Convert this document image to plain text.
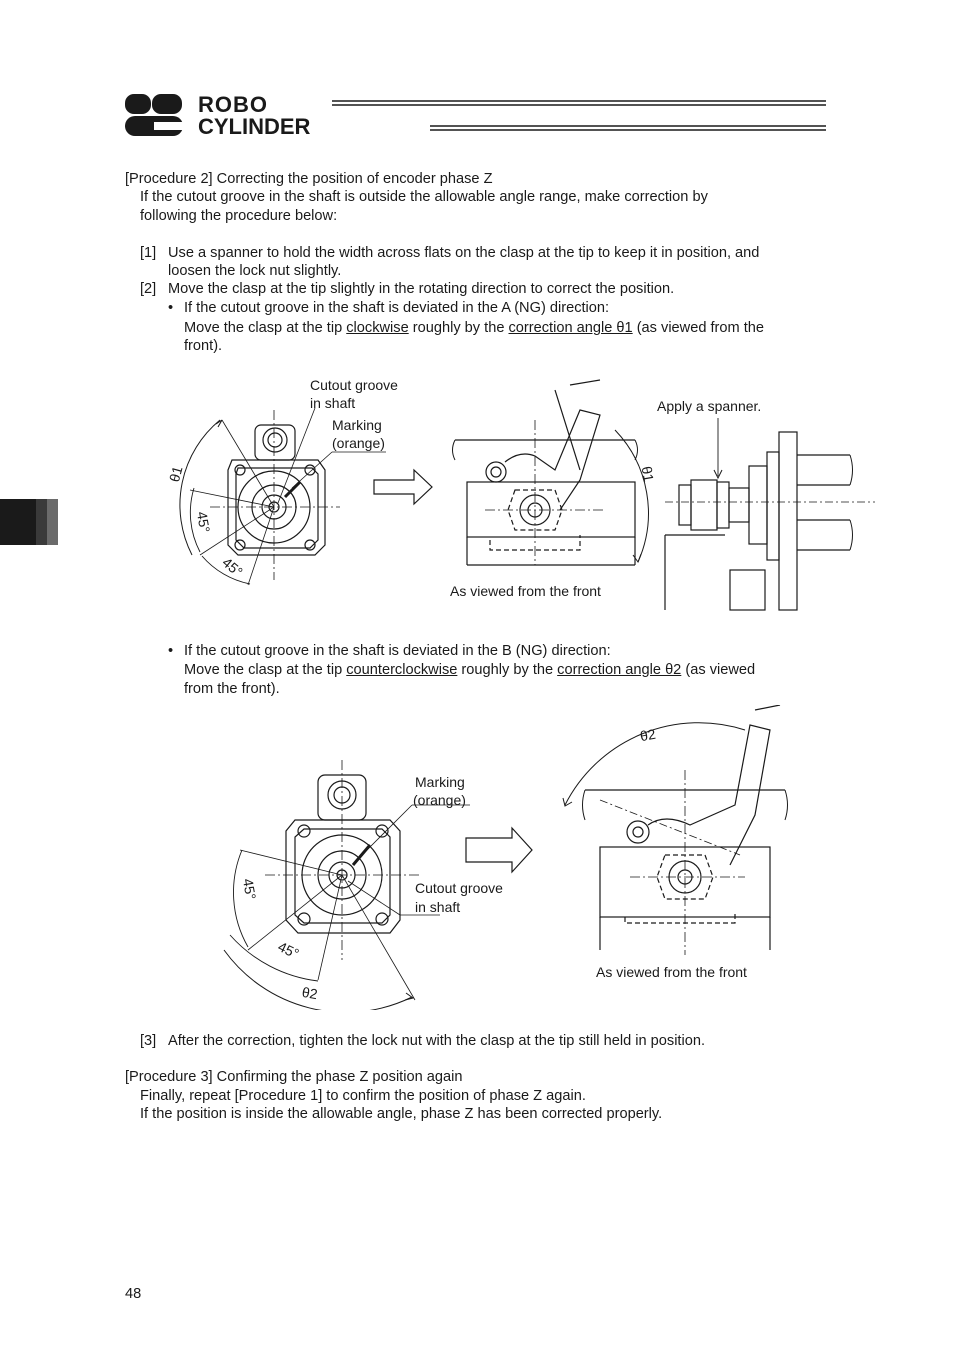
ROBO
CYLINDER
[Procedure 2] Correcting the position of encoder phase Z
If the cutout groove in the shaft is outside the allowable angle range, make correction by
following the procedure below:
[1] Use a spanner to hold the width across flats on the clasp at the tip to keep it in position, and
loosen the lock nut slightly.
[2] Move the clasp at the tip slightly in the rotating direction to correct the position.
• If the cutout groove in the shaft is deviated in the A (NG) direction:
Move the clasp at the tip clockwise roughly by the correction angle θ1 (as viewed from the
front).
θ1
45°
45°
θ1
Cutout groove
in shaft
Marking
(orange)
Apply a spanner.
As viewed from the front
• If the cutout groove in the shaft is deviated in the B (NG) direction:
Move the clasp at the tip counterclockwise roughly by the correction angle θ2 (as viewed
from the front).
45°
45°
θ2
θ2
Marking
(orange)
Cutout groove
in shaft
As viewed from the front
[3] After the correction, tighten the lock nut with the clasp at the tip still held in position.
[Procedure 3] Confirming the phase Z position again
Finally, repeat [Procedure 1] to confirm the position of phase Z again.
If the position is inside the allowable angle, phase Z has been corrected properly.
48
